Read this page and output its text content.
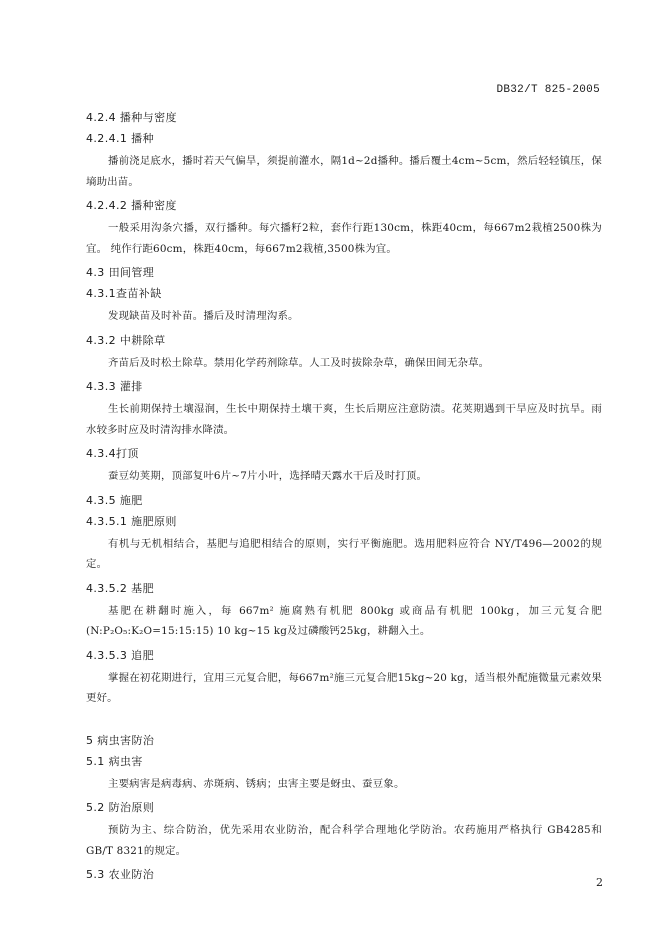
DB32/T 825-2005
4.2.4 播种与密度
4.2.4.1 播种
播前浇足底水，播时若天气偏旱，须提前灌水，隔1d~2d播种。播后覆土4cm~5cm，然后轻轻镇压，保墒助出苗。
4.2.4.2 播种密度
一般采用沟条穴播，双行播种。每穴播籽2粒，套作行距130cm，株距40cm，每667m2栽植2500株为宜。 纯作行距60cm，株距40cm，每667m2栽植,3500株为宜。
4.3 田间管理
4.3.1查苗补缺
发现缺苗及时补苗。播后及时清理沟系。
4.3.2 中耕除草
齐苗后及时松土除草。禁用化学药剂除草。人工及时拔除杂草，确保田间无杂草。
4.3.3 灌排
生长前期保持土壤湿润，生长中期保持土壤干爽，生长后期应注意防渍。花荚期遇到干旱应及时抗旱。雨水较多时应及时清沟排水降渍。
4.3.4打顶
蚕豆幼荚期，顶部复叶6片~7片小叶，选择晴天露水干后及时打顶。
4.3.5 施肥
4.3.5.1 施肥原则
有机与无机相结合，基肥与追肥相结合的原则，实行平衡施肥。选用肥料应符合 NY/T496—2002的规定。
4.3.5.2 基肥
基肥在耕翻时施入，每 667m² 施腐熟有机肥 800kg 或商品有机肥 100kg，加三元复合肥(N:P₂O₅:K₂O=15:15:15) 10 kg~15 kg及过磷酸钙25kg，耕翻入土。
4.3.5.3 追肥
掌握在初花期进行，宜用三元复合肥，每667m²施三元复合肥15kg~20 kg，适当根外配施微量元素效果更好。
5 病虫害防治
5.1 病虫害
主要病害是病毒病、赤斑病、锈病；虫害主要是蚜虫、蚕豆象。
5.2 防治原则
预防为主、综合防治，优先采用农业防治，配合科学合理地化学防治。农药施用严格执行 GB4285和GB/T 8321的规定。
5.3 农业防治
2
